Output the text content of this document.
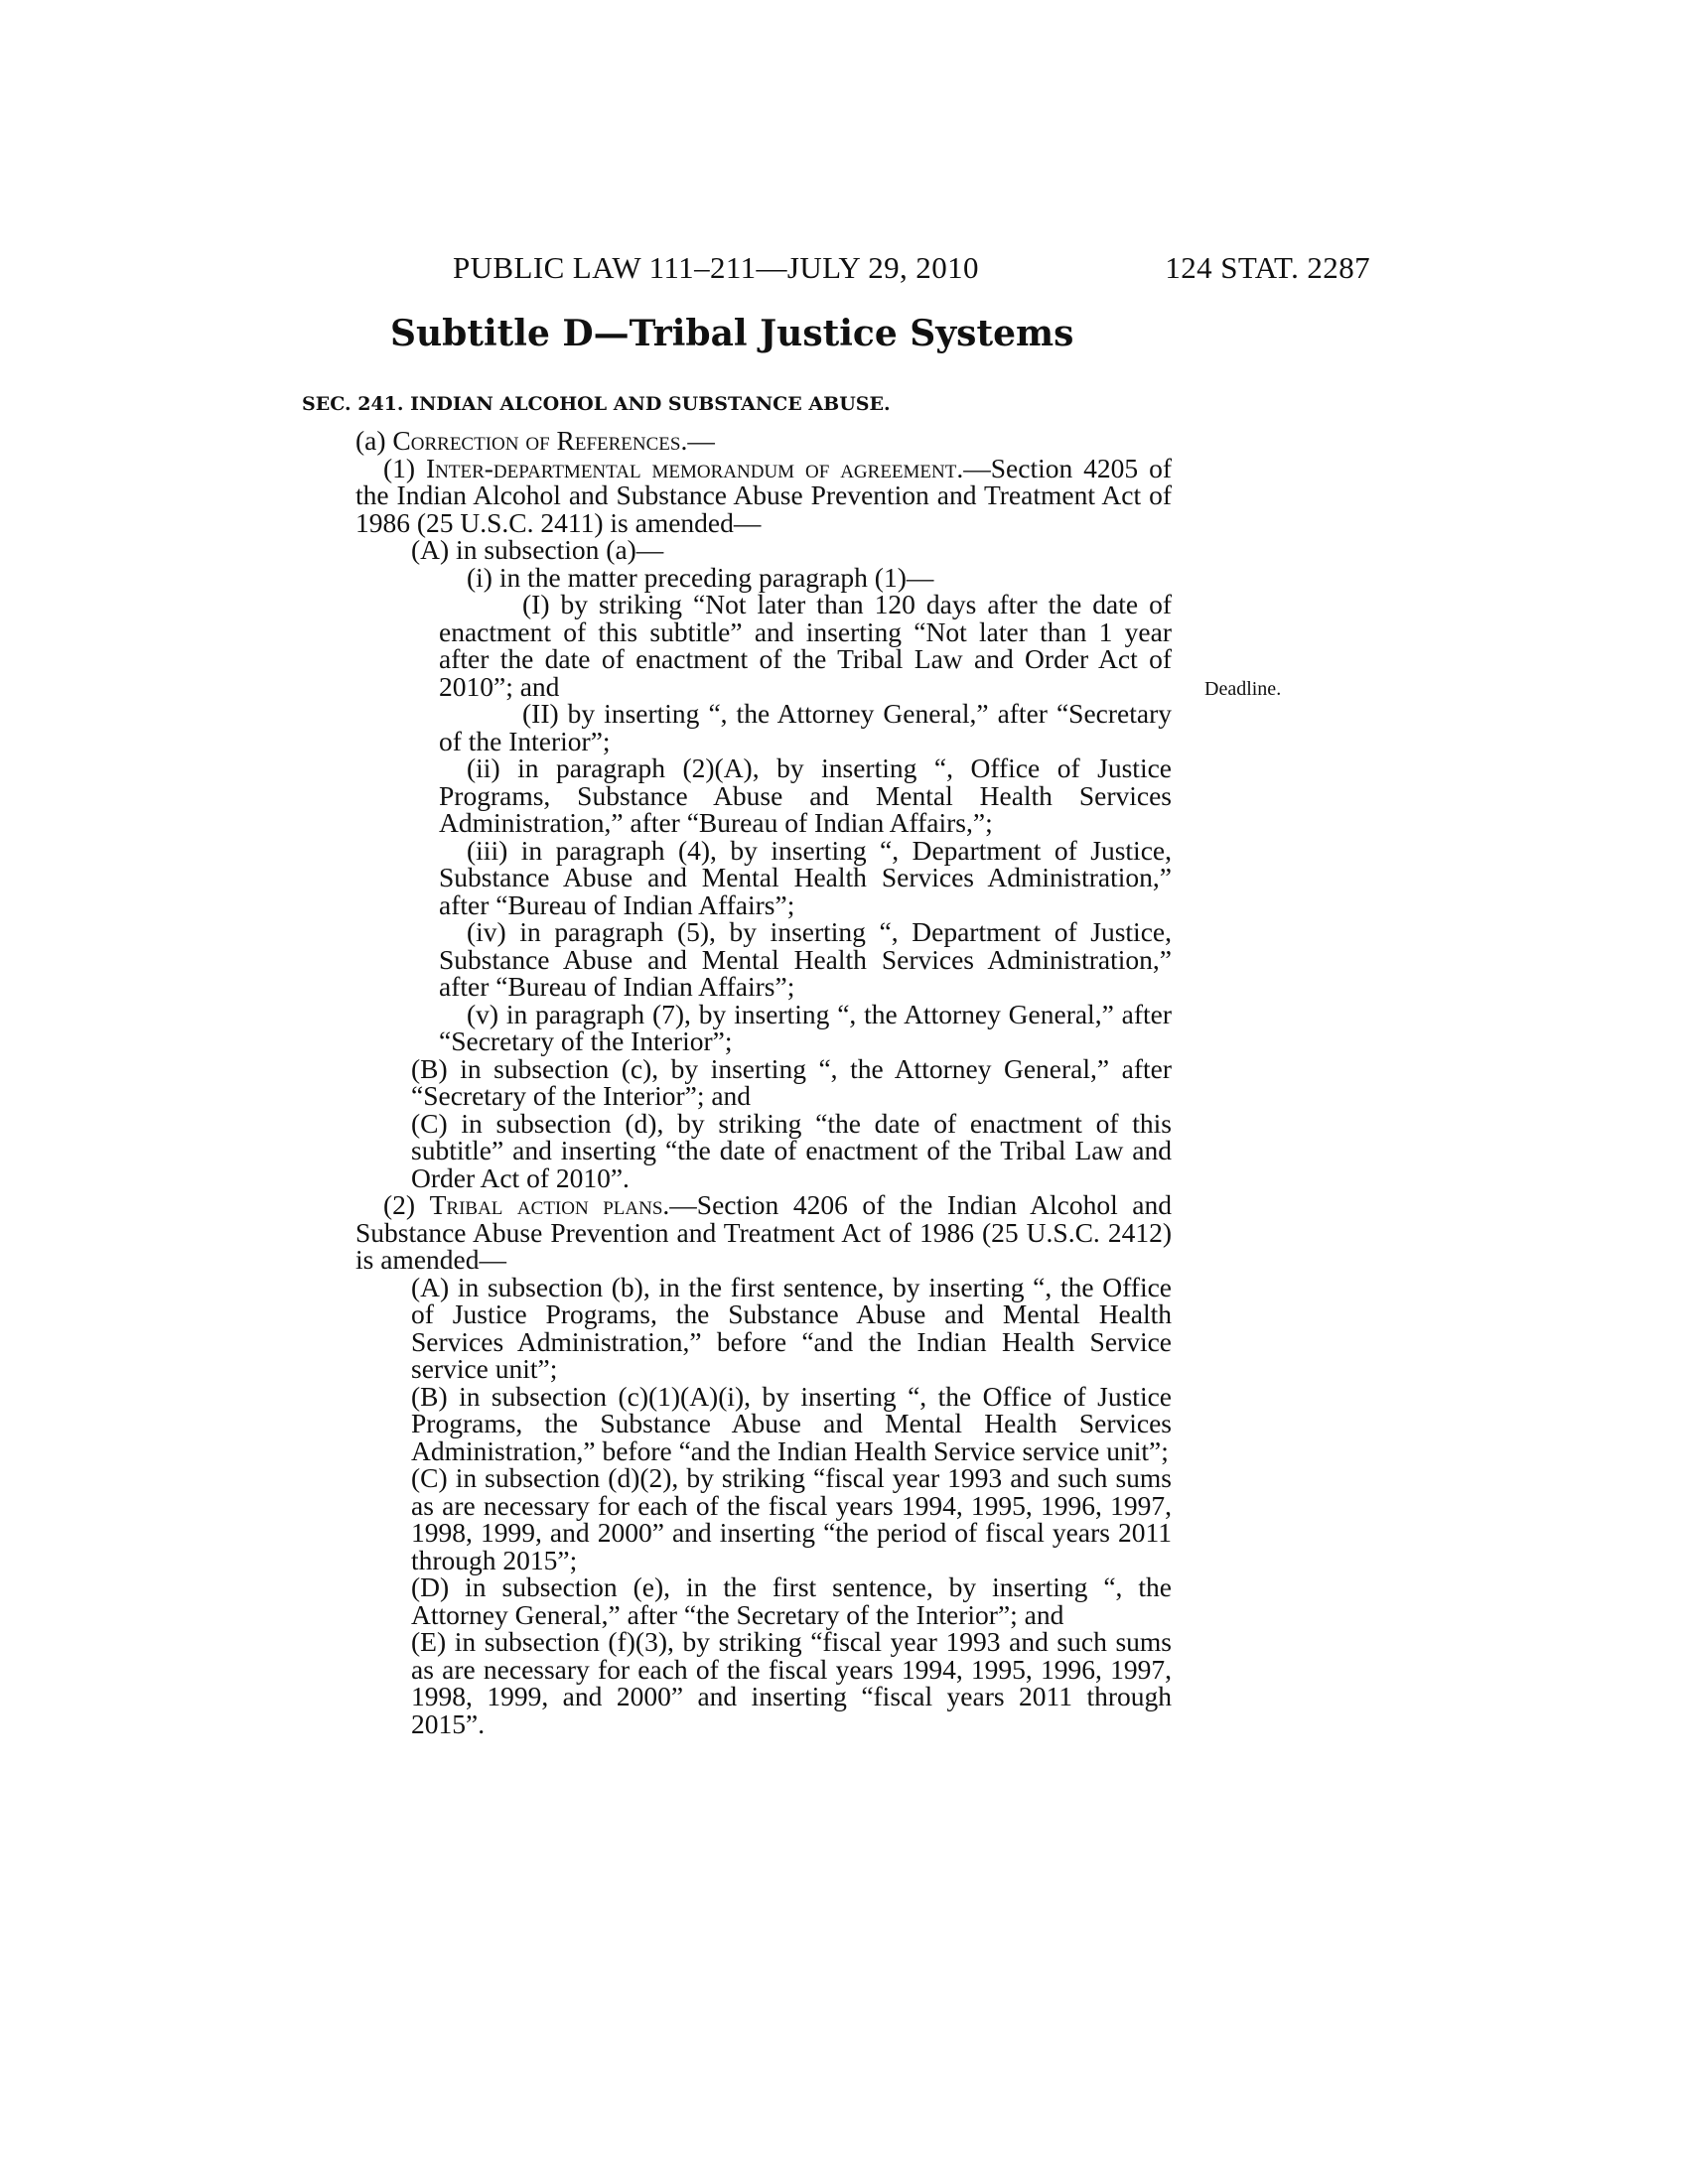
PUBLIC LAW 111–211—JULY 29, 2010	124 STAT. 2287
Subtitle D—Tribal Justice Systems
SEC. 241. INDIAN ALCOHOL AND SUBSTANCE ABUSE.

(a) Correction of References.—

(1) Inter-departmental memorandum of agreement.—Section 4205 of the Indian Alcohol and Substance Abuse Prevention and Treatment Act of 1986 (25 U.S.C. 2411) is amended—

(A) in subsection (a)—

(i) in the matter preceding paragraph (1)—

(I) by striking “Not later than 120 days after the date of enactment of this subtitle” and inserting “Not later than 1 year after the date of enactment of the Tribal Law and Order Act of 2010”; and

(II) by inserting “, the Attorney General,” after “Secretary of the Interior”;

(ii) in paragraph (2)(A), by inserting “, Office of Justice Programs, Substance Abuse and Mental Health Services Administration,” after “Bureau of Indian Affairs,”;

(iii) in paragraph (4), by inserting “, Department of Justice, Substance Abuse and Mental Health Services Administration,” after “Bureau of Indian Affairs”;

(iv) in paragraph (5), by inserting “, Department of Justice, Substance Abuse and Mental Health Services Administration,” after “Bureau of Indian Affairs”;

(v) in paragraph (7), by inserting “, the Attorney General,” after “Secretary of the Interior”;

(B) in subsection (c), by inserting “, the Attorney General,” after “Secretary of the Interior”; and

(C) in subsection (d), by striking “the date of enactment of this subtitle” and inserting “the date of enactment of the Tribal Law and Order Act of 2010”.

(2) Tribal action plans.—Section 4206 of the Indian Alcohol and Substance Abuse Prevention and Treatment Act of 1986 (25 U.S.C. 2412) is amended—

(A) in subsection (b), in the first sentence, by inserting “, the Office of Justice Programs, the Substance Abuse and Mental Health Services Administration,” before “and the Indian Health Service service unit”;

(B) in subsection (c)(1)(A)(i), by inserting “, the Office of Justice Programs, the Substance Abuse and Mental Health Services Administration,” before “and the Indian Health Service service unit”;

(C) in subsection (d)(2), by striking “fiscal year 1993 and such sums as are necessary for each of the fiscal years 1994, 1995, 1996, 1997, 1998, 1999, and 2000” and inserting “the period of fiscal years 2011 through 2015”;

(D) in subsection (e), in the first sentence, by inserting “, the Attorney General,” after “the Secretary of the Interior”; and

(E) in subsection (f)(3), by striking “fiscal year 1993 and such sums as are necessary for each of the fiscal years 1994, 1995, 1996, 1997, 1998, 1999, and 2000” and inserting “fiscal years 2011 through 2015”.

Deadline.
